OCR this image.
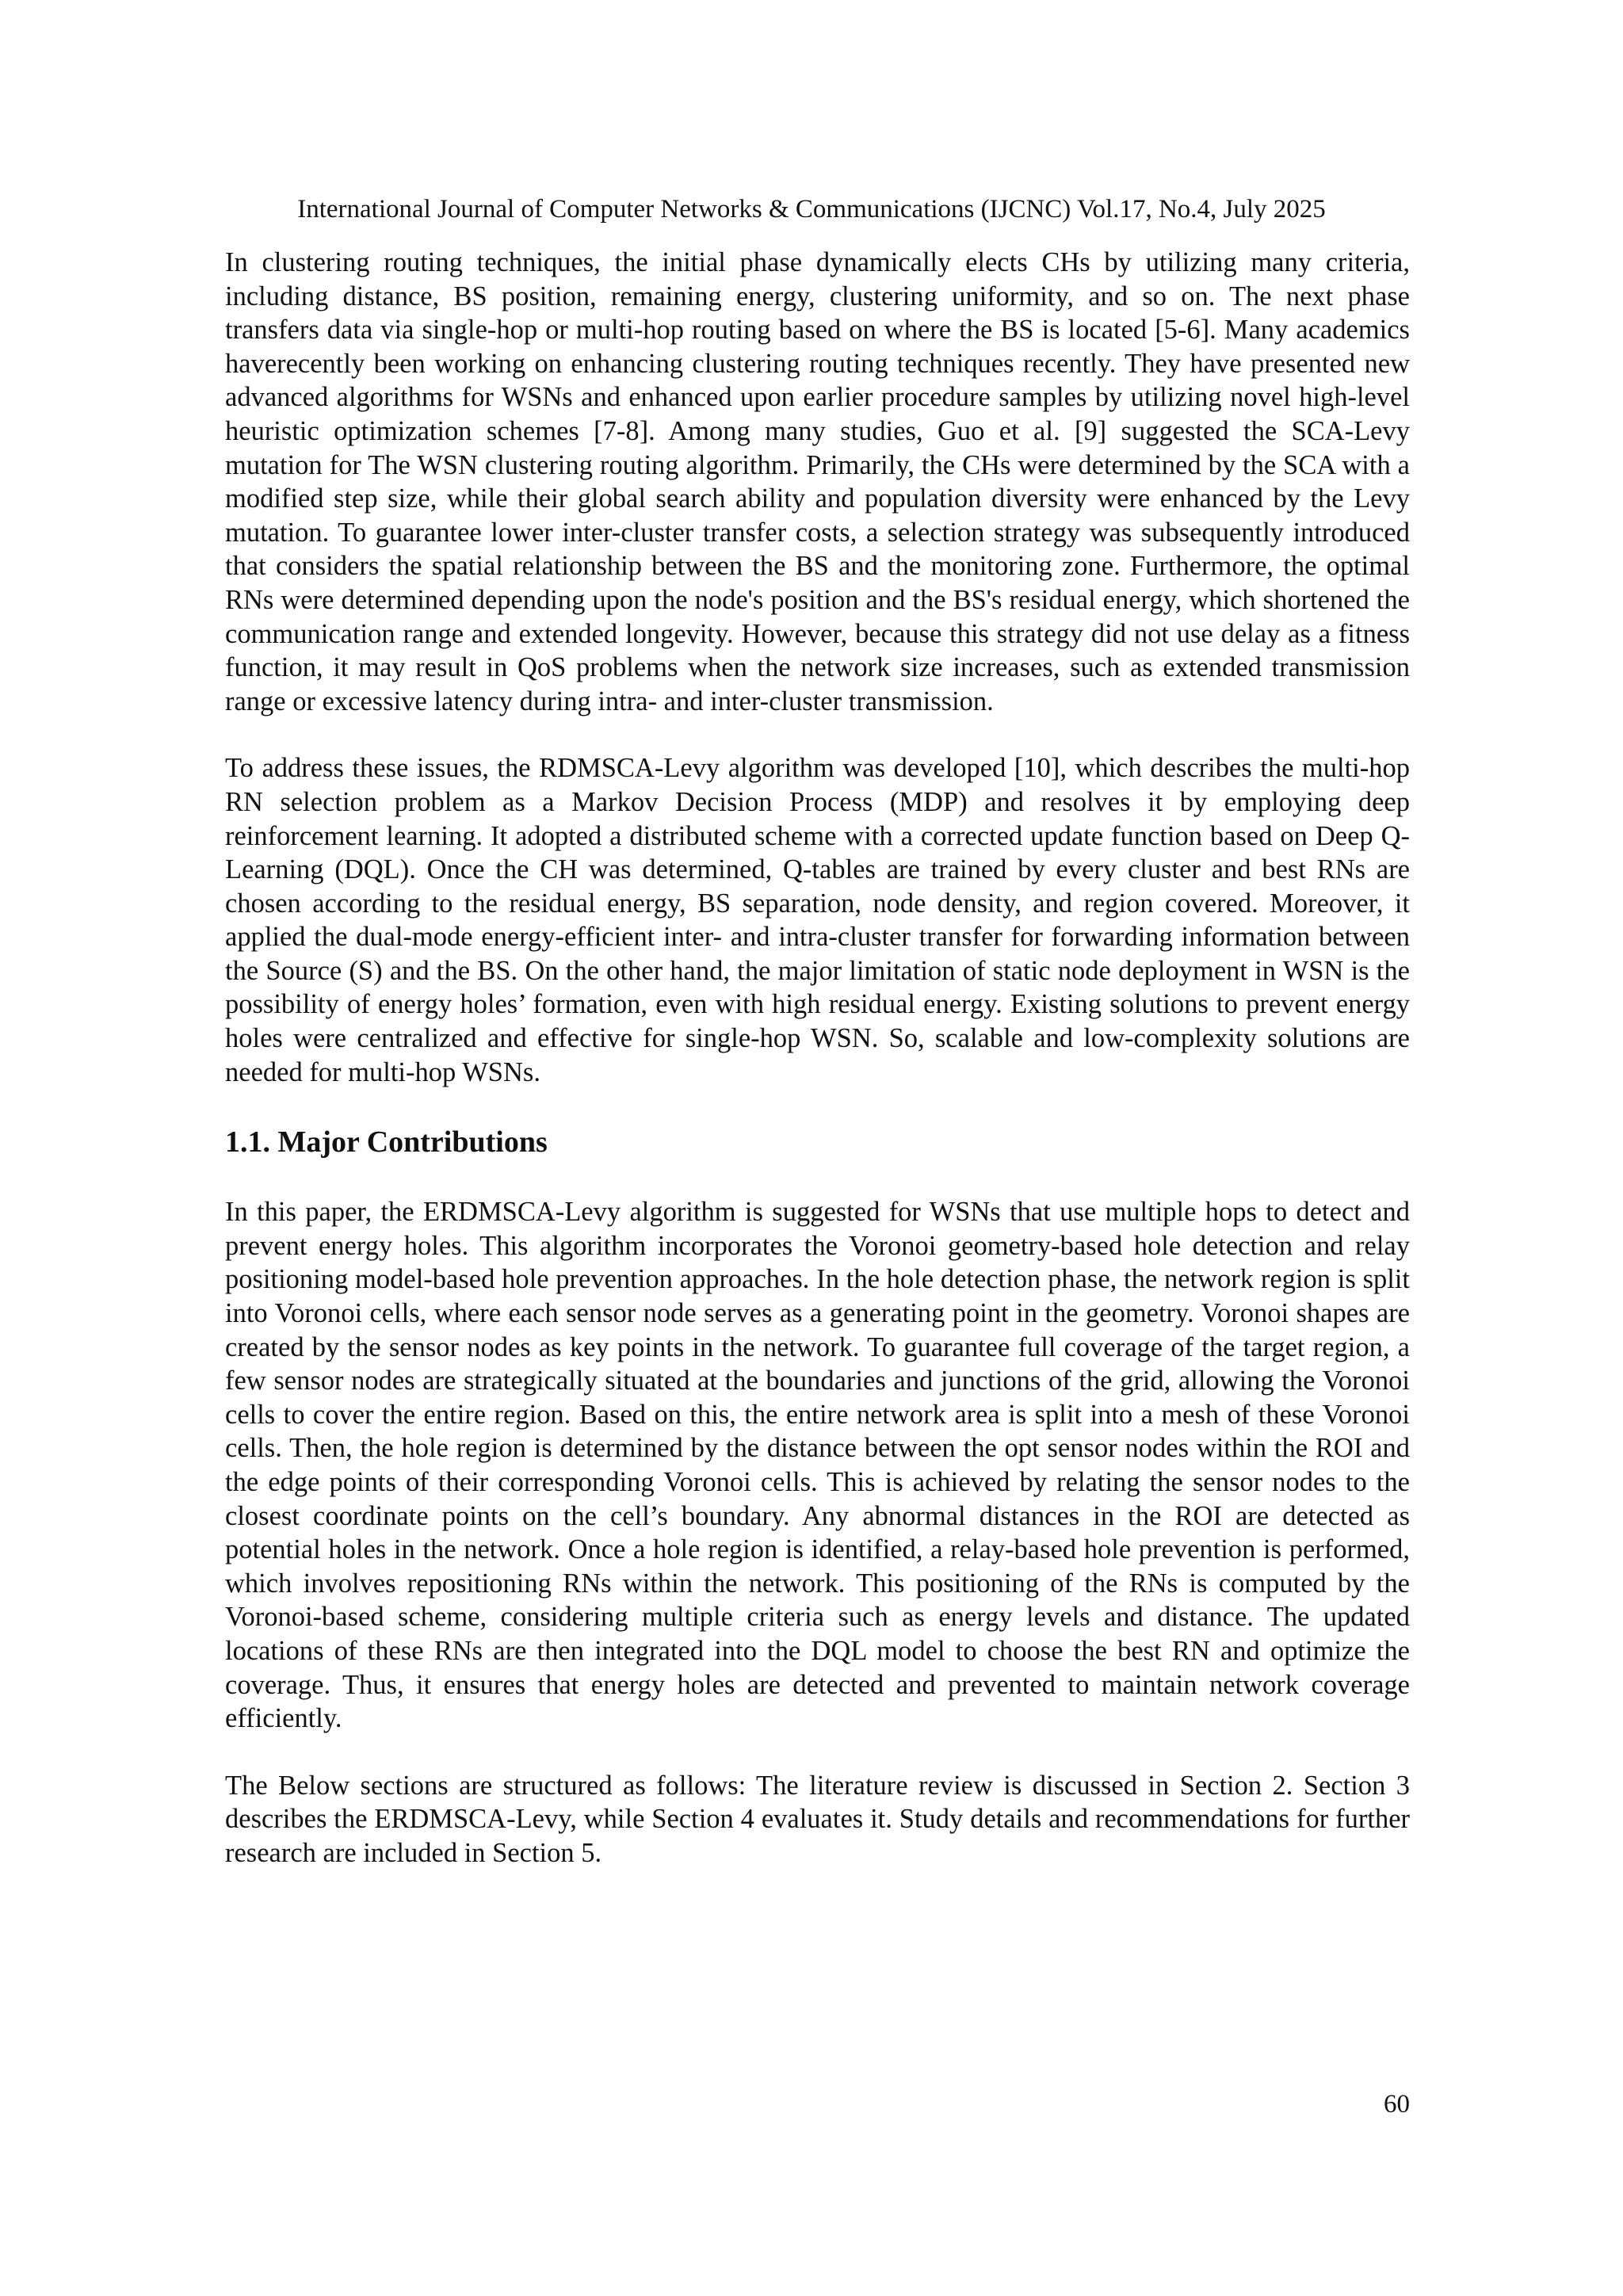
International Journal of Computer Networks & Communications (IJCNC) Vol.17, No.4, July 2025

In clustering routing techniques, the initial phase dynamically elects CHs by utilizing many criteria, including distance, BS position, remaining energy, clustering uniformity, and so on. The next phase transfers data via single-hop or multi-hop routing based on where the BS is located [5-6]. Many academics haverecently been working on enhancing clustering routing techniques recently. They have presented new advanced algorithms for WSNs and enhanced upon earlier procedure samples by utilizing novel high-level heuristic optimization schemes [7-8]. Among many studies, Guo et al. [9] suggested the SCA-Levy mutation for The WSN clustering routing algorithm. Primarily, the CHs were determined by the SCA with a modified step size, while their global search ability and population diversity were enhanced by the Levy mutation. To guarantee lower inter-cluster transfer costs, a selection strategy was subsequently introduced that considers the spatial relationship between the BS and the monitoring zone. Furthermore, the optimal RNs were determined depending upon the node's position and the BS's residual energy, which shortened the communication range and extended longevity. However, because this strategy did not use delay as a fitness function, it may result in QoS problems when the network size increases, such as extended transmission range or excessive latency during intra- and inter-cluster transmission.

To address these issues, the RDMSCA-Levy algorithm was developed [10], which describes the multi-hop RN selection problem as a Markov Decision Process (MDP) and resolves it by employing deep reinforcement learning. It adopted a distributed scheme with a corrected update function based on Deep Q-Learning (DQL). Once the CH was determined, Q-tables are trained by every cluster and best RNs are chosen according to the residual energy, BS separation, node density, and region covered. Moreover, it applied the dual-mode energy-efficient inter- and intra-cluster transfer for forwarding information between the Source (S) and the BS. On the other hand, the major limitation of static node deployment in WSN is the possibility of energy holes’ formation, even with high residual energy. Existing solutions to prevent energy holes were centralized and effective for single-hop WSN. So, scalable and low-complexity solutions are needed for multi-hop WSNs.

1.1. Major Contributions

In this paper, the ERDMSCA-Levy algorithm is suggested for WSNs that use multiple hops to detect and prevent energy holes. This algorithm incorporates the Voronoi geometry-based hole detection and relay positioning model-based hole prevention approaches. In the hole detection phase, the network region is split into Voronoi cells, where each sensor node serves as a generating point in the geometry. Voronoi shapes are created by the sensor nodes as key points in the network. To guarantee full coverage of the target region, a few sensor nodes are strategically situated at the boundaries and junctions of the grid, allowing the Voronoi cells to cover the entire region. Based on this, the entire network area is split into a mesh of these Voronoi cells. Then, the hole region is determined by the distance between the opt sensor nodes within the ROI and the edge points of their corresponding Voronoi cells. This is achieved by relating the sensor nodes to the closest coordinate points on the cell’s boundary. Any abnormal distances in the ROI are detected as potential holes in the network. Once a hole region is identified, a relay-based hole prevention is performed, which involves repositioning RNs within the network. This positioning of the RNs is computed by the Voronoi-based scheme, considering multiple criteria such as energy levels and distance. The updated locations of these RNs are then integrated into the DQL model to choose the best RN and optimize the coverage. Thus, it ensures that energy holes are detected and prevented to maintain network coverage efficiently.

The Below sections are structured as follows: The literature review is discussed in Section 2. Section 3 describes the ERDMSCA-Levy, while Section 4 evaluates it. Study details and recommendations for further research are included in Section 5.

60
